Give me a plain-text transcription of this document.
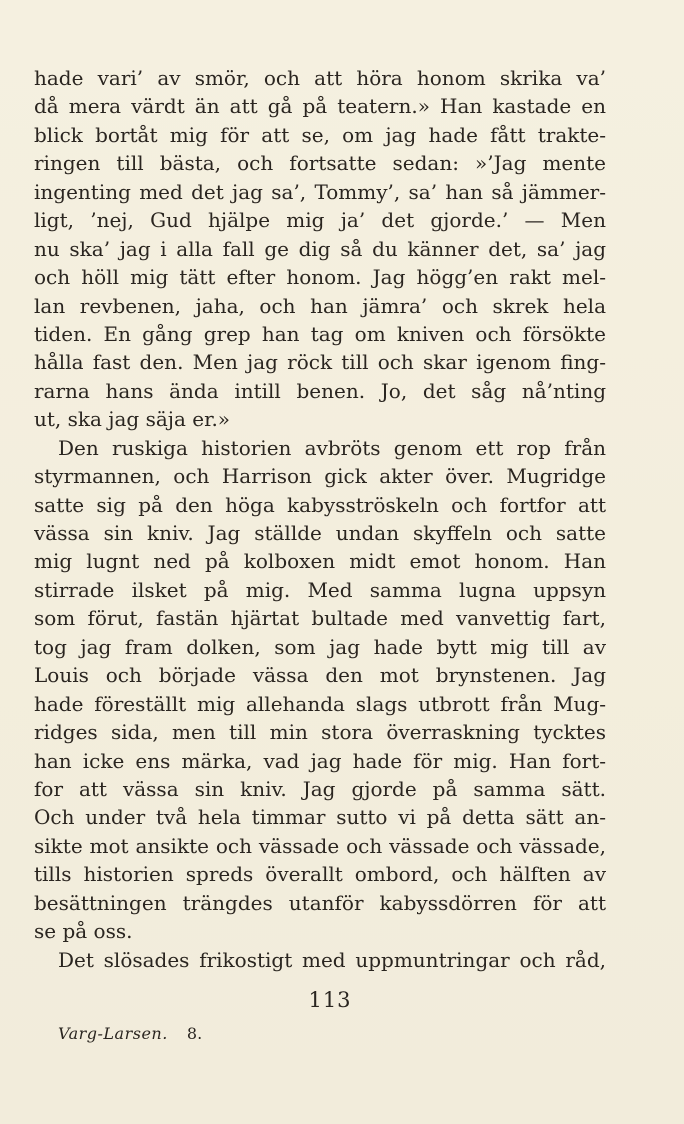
hade vari’ av smör, och att höra honom skrika va’
då mera värdt än att gå på teatern.» Han kastade en
blick bortåt mig för att se, om jag hade fått trakte-
ringen till bästa, och fortsatte sedan: »’Jag mente
ingenting med det jag sa’, Tommy’, sa’ han så jämmer-
ligt, ’nej, Gud hjälpe mig ja’ det gjorde.’ — Men
nu ska’ jag i alla fall ge dig så du känner det, sa’ jag
och höll mig tätt efter honom. Jag högg’en rakt mel-
lan revbenen, jaha, och han jämra’ och skrek hela
tiden. En gång grep han tag om kniven och försökte
hålla fast den. Men jag röck till och skar igenom fing-
rarna hans ända intill benen. Jo, det såg nå’nting
ut, ska jag säja er.»
Den ruskiga historien avbröts genom ett rop från
styrmannen, och Harrison gick akter över. Mugridge
satte sig på den höga kabysströskeln och fortfor att
vässa sin kniv. Jag ställde undan skyffeln och satte
mig lugnt ned på kolboxen midt emot honom. Han
stirrade ilsket på mig. Med samma lugna uppsyn
som förut, fastän hjärtat bultade med vanvettig fart,
tog jag fram dolken, som jag hade bytt mig till av
Louis och började vässa den mot brynstenen. Jag
hade föreställt mig allehanda slags utbrott från Mug-
ridges sida, men till min stora överraskning tycktes
han icke ens märka, vad jag hade för mig. Han fort-
for att vässa sin kniv. Jag gjorde på samma sätt.
Och under två hela timmar sutto vi på detta sätt an-
sikte mot ansikte och vässade och vässade och vässade,
tills historien spreds överallt ombord, och hälften av
besättningen trängdes utanför kabyssdörren för att
se på oss.
Det slösades frikostigt med uppmuntringar och råd,
113
Varg-Larsen. 8.
